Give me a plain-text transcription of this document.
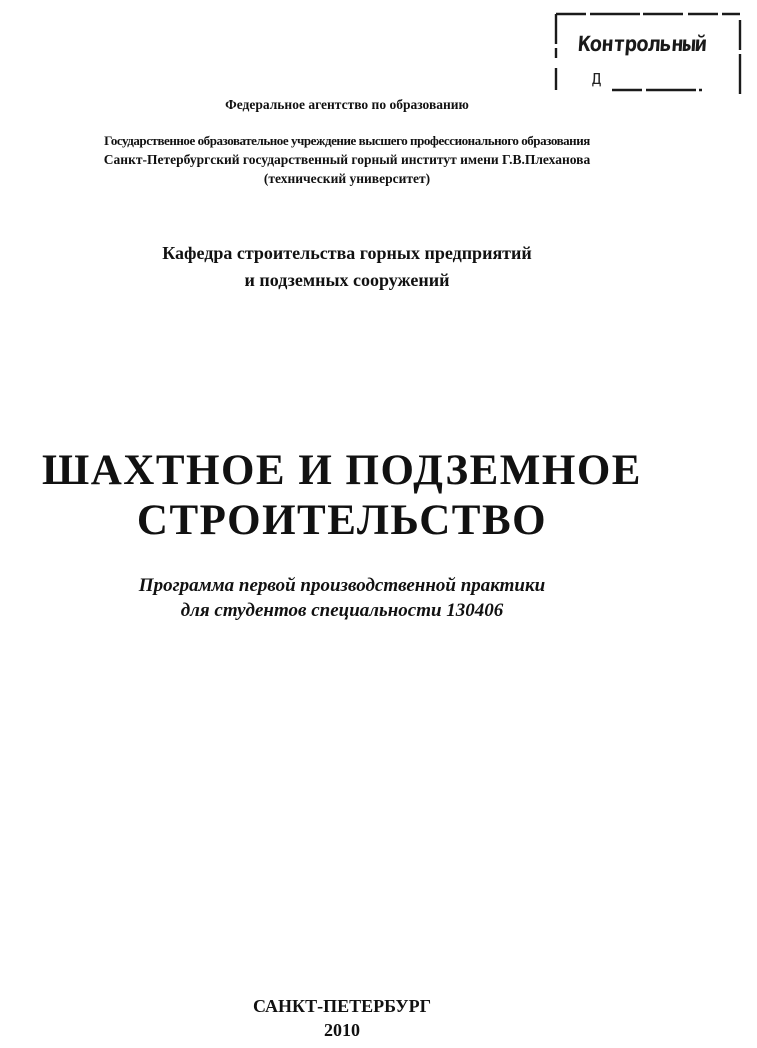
Контрольный
Д
Федеральное агентство по образованию
Государственное образовательное учреждение высшего профессионального образования
Санкт-Петербургский государственный горный институт имени Г.В.Плеханова
(технический университет)
Кафедра строительства горных предприятий
и подземных сооружений
ШАХТНОЕ И ПОДЗЕМНОЕ
СТРОИТЕЛЬСТВО
Программа первой производственной практики
для студентов специальности 130406
САНКТ-ПЕТЕРБУРГ
2010
